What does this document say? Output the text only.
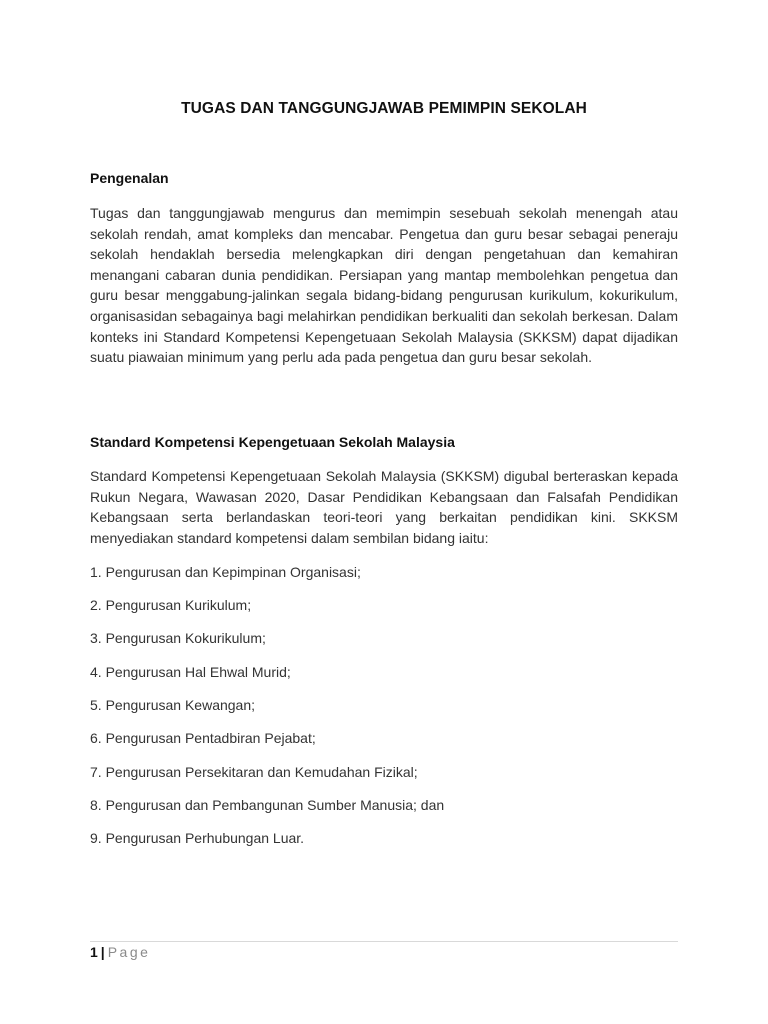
TUGAS DAN TANGGUNGJAWAB PEMIMPIN SEKOLAH
Pengenalan
Tugas dan tanggungjawab mengurus dan memimpin sesebuah sekolah menengah atau sekolah rendah, amat kompleks dan mencabar. Pengetua dan guru besar sebagai peneraju sekolah hendaklah bersedia melengkapkan diri dengan pengetahuan dan kemahiran menangani cabaran dunia pendidikan. Persiapan yang mantap membolehkan pengetua dan guru besar menggabung-jalinkan segala bidang-bidang pengurusan kurikulum, kokurikulum, organisasidan sebagainya bagi melahirkan pendidikan berkualiti dan sekolah berkesan. Dalam konteks ini Standard Kompetensi Kepengetuaan Sekolah Malaysia (SKKSM) dapat dijadikan suatu piawaian minimum yang perlu ada pada pengetua dan guru besar sekolah.
Standard Kompetensi Kepengetuaan Sekolah Malaysia
Standard Kompetensi Kepengetuaan Sekolah Malaysia (SKKSM) digubal berteraskan kepada Rukun Negara, Wawasan 2020, Dasar Pendidikan Kebangsaan dan Falsafah Pendidikan Kebangsaan serta berlandaskan teori-teori yang berkaitan pendidikan kini. SKKSM menyediakan standard kompetensi dalam sembilan bidang iaitu:
1. Pengurusan dan Kepimpinan Organisasi;
2. Pengurusan Kurikulum;
3. Pengurusan Kokurikulum;
4. Pengurusan Hal Ehwal Murid;
5. Pengurusan Kewangan;
6. Pengurusan Pentadbiran Pejabat;
7. Pengurusan Persekitaran dan Kemudahan Fizikal;
8. Pengurusan dan Pembangunan Sumber Manusia; dan
9. Pengurusan Perhubungan Luar.
1 | Page
